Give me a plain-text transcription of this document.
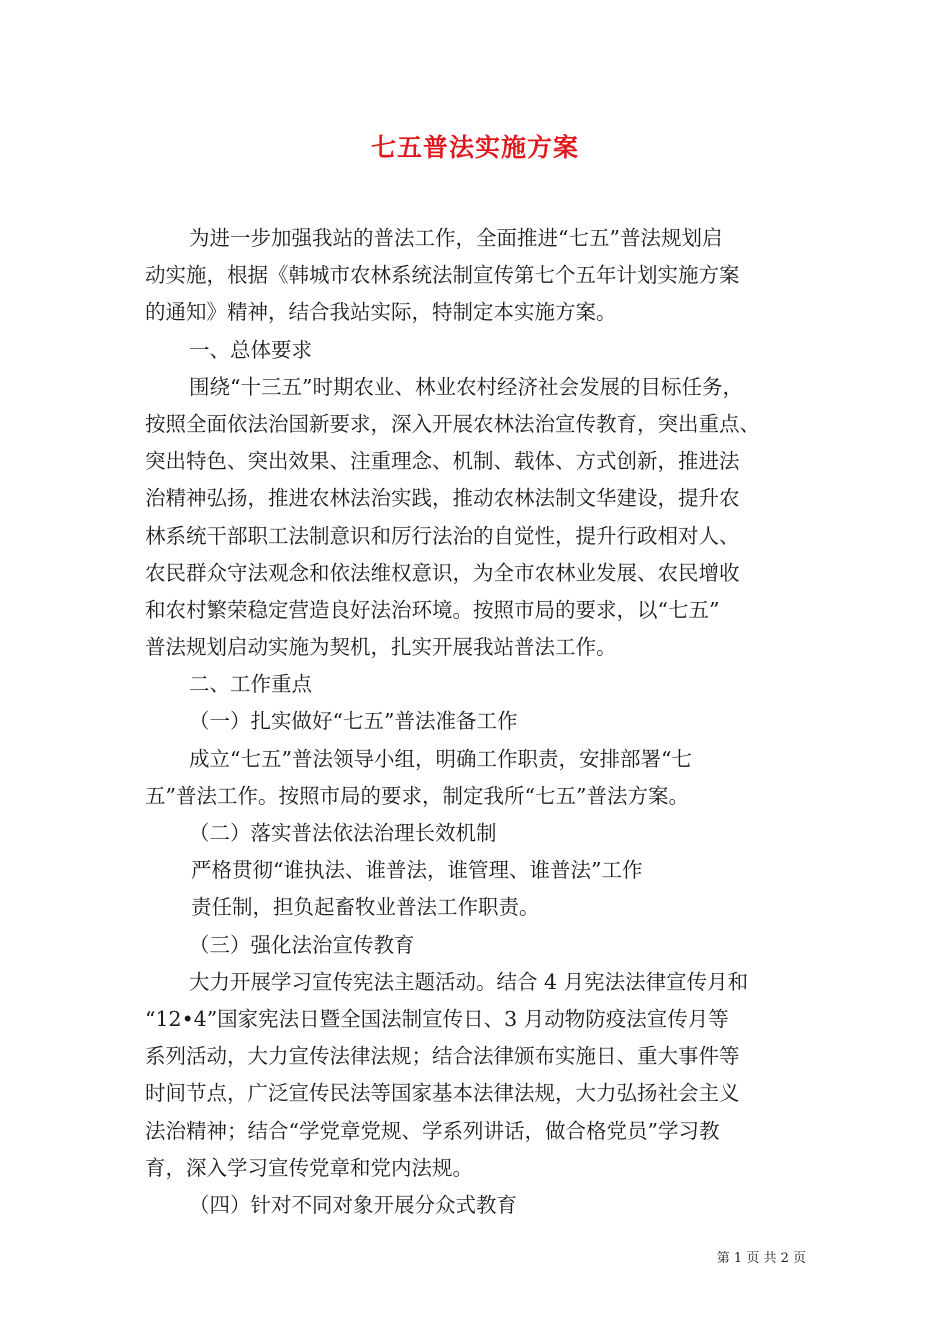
七五普法实施方案
为进一步加强我站的普法工作，全面推进“七五”普法规划启
动实施，根据《韩城市农林系统法制宣传第七个五年计划实施方案
的通知》精神，结合我站实际，特制定本实施方案。
一、总体要求
围绕“十三五”时期农业、林业农村经济社会发展的目标任务，
按照全面依法治国新要求，深入开展农林法治宣传教育，突出重点、
突出特色、突出效果、注重理念、机制、载体、方式创新，推进法
治精神弘扬，推进农林法治实践，推动农林法制文华建设，提升农
林系统干部职工法制意识和厉行法治的自觉性，提升行政相对人、
农民群众守法观念和依法维权意识，为全市农林业发展、农民增收
和农村繁荣稳定营造良好法治环境。按照市局的要求，以“七五”
普法规划启动实施为契机，扎实开展我站普法工作。
二、工作重点
（一）扎实做好“七五”普法准备工作
成立“七五”普法领导小组，明确工作职责，安排部署“七
五”普法工作。按照市局的要求，制定我所“七五”普法方案。
（二）落实普法依法治理长效机制
严格贯彻“谁执法、谁普法，谁管理、谁普法”工作
责任制，担负起畜牧业普法工作职责。
（三）强化法治宣传教育
大力开展学习宣传宪法主题活动。结合 4 月宪法法律宣传月和
“12•4”国家宪法日暨全国法制宣传日、3 月动物防疫法宣传月等
系列活动，大力宣传法律法规；结合法律颁布实施日、重大事件等
时间节点，广泛宣传民法等国家基本法律法规，大力弘扬社会主义
法治精神；结合“学党章党规、学系列讲话，做合格党员”学习教
育，深入学习宣传党章和党内法规。
（四）针对不同对象开展分众式教育
第 1 页 共 2 页
